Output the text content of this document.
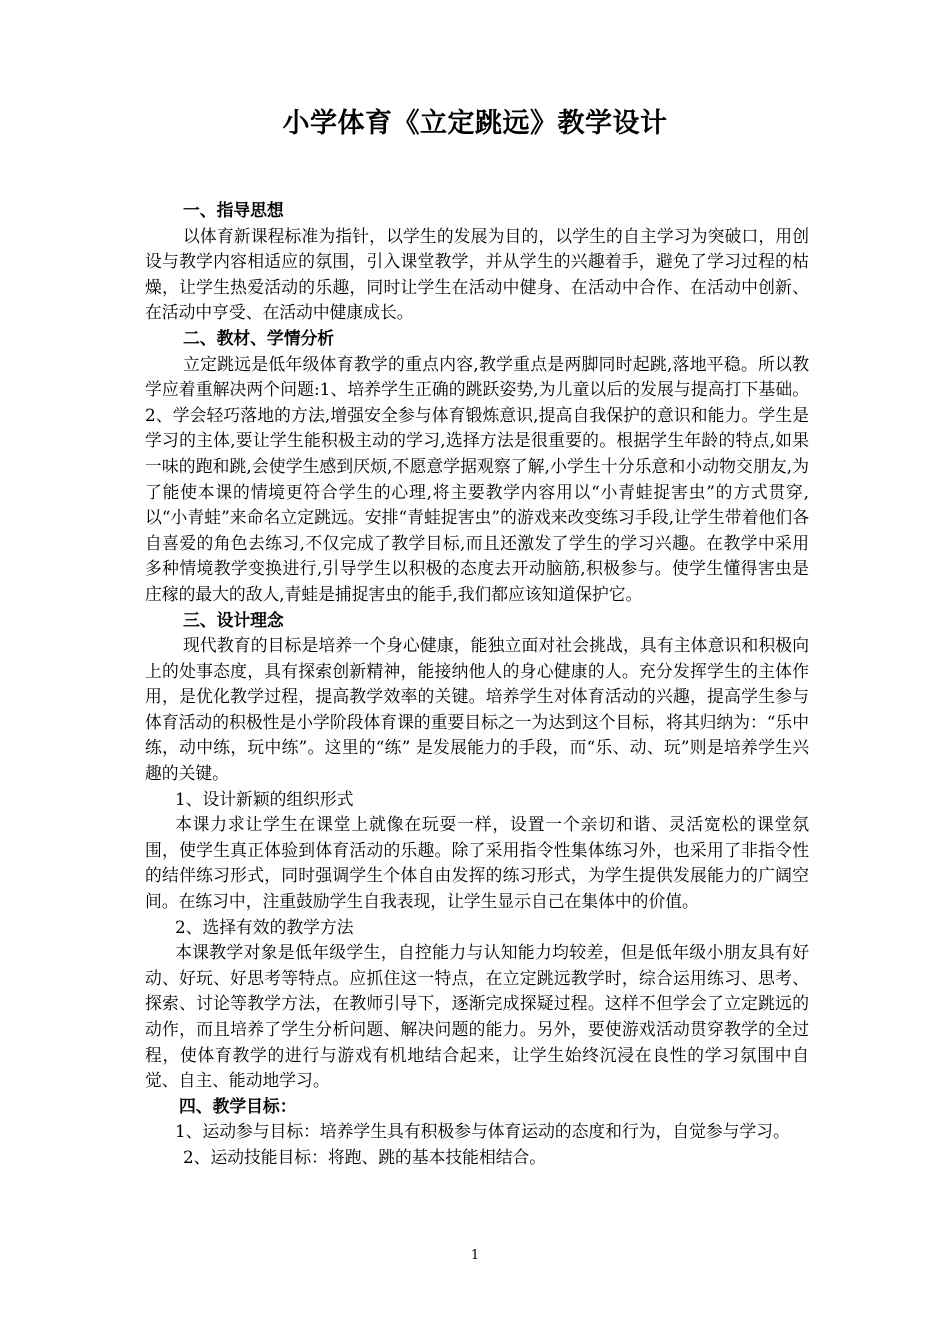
小学体育《立定跳远》教学设计

一、指导思想

以体育新课程标准为指针，以学生的发展为目的，以学生的自主学习为突破口，用创设与教学内容相适应的氛围，引入课堂教学，并从学生的兴趣着手，避免了学习过程的枯燥，让学生热爱活动的乐趣，同时让学生在活动中健身、在活动中合作、在活动中创新、在活动中亨受、在活动中健康成长。

二、教材、学情分析

立定跳远是低年级体育教学的重点内容,教学重点是两脚同时起跳,落地平稳。所以教学应着重解决两个问题:1、培养学生正确的跳跃姿势,为儿童以后的发展与提高打下基础。2、学会轻巧落地的方法,增强安全参与体育锻炼意识,提高自我保护的意识和能力。学生是学习的主体,要让学生能积极主动的学习,选择方法是很重要的。根据学生年龄的特点,如果一味的跑和跳,会使学生感到厌烦,不愿意学据观察了解,小学生十分乐意和小动物交朋友,为了能使本课的情境更符合学生的心理,将主要教学内容用以“小青蛙捉害虫”的方式贯穿,以“小青蛙”来命名立定跳远。安排“青蛙捉害虫”的游戏来改变练习手段,让学生带着他们各自喜爱的角色去练习,不仅完成了教学目标,而且还激发了学生的学习兴趣。在教学中采用多种情境教学变换进行,引导学生以积极的态度去开动脑筋,积极参与。使学生懂得害虫是庄稼的最大的敌人,青蛙是捕捉害虫的能手,我们都应该知道保护它。

三、设计理念

现代教育的目标是培养一个身心健康，能独立面对社会挑战，具有主体意识和积极向上的处事态度，具有探索创新精神，能接纳他人的身心健康的人。充分发挥学生的主体作用，是优化教学过程，提高教学效率的关键。培养学生对体育活动的兴趣，提高学生参与体育活动的积极性是小学阶段体育课的重要目标之一为达到这个目标，将其归纳为：“乐中练，动中练，玩中练”。这里的“练” 是发展能力的手段，而“乐、动、玩”则是培养学生兴趣的关键。

1、设计新颖的组织形式

本课力求让学生在课堂上就像在玩耍一样，设置一个亲切和谐、灵活宽松的课堂氛围，使学生真正体验到体育活动的乐趣。除了采用指令性集体练习外，也采用了非指令性的结伴练习形式，同时强调学生个体自由发挥的练习形式，为学生提供发展能力的广阔空间。在练习中，注重鼓励学生自我表现，让学生显示自己在集体中的价值。

2、选择有效的教学方法

本课教学对象是低年级学生，自控能力与认知能力均较差，但是低年级小朋友具有好动、好玩、好思考等特点。应抓住这一特点，在立定跳远教学时，综合运用练习、思考、探索、讨论等教学方法，在教师引导下，逐渐完成探疑过程。这样不但学会了立定跳远的动作，而且培养了学生分析问题、解决问题的能力。另外，要使游戏活动贯穿教学的全过程，使体育教学的进行与游戏有机地结合起来，让学生始终沉浸在良性的学习氛围中自觉、自主、能动地学习。

四、教学目标：

1、运动参与目标：培养学生具有积极参与体育运动的态度和行为，自觉参与学习。

2、运动技能目标：将跑、跳的基本技能相结合。

1
